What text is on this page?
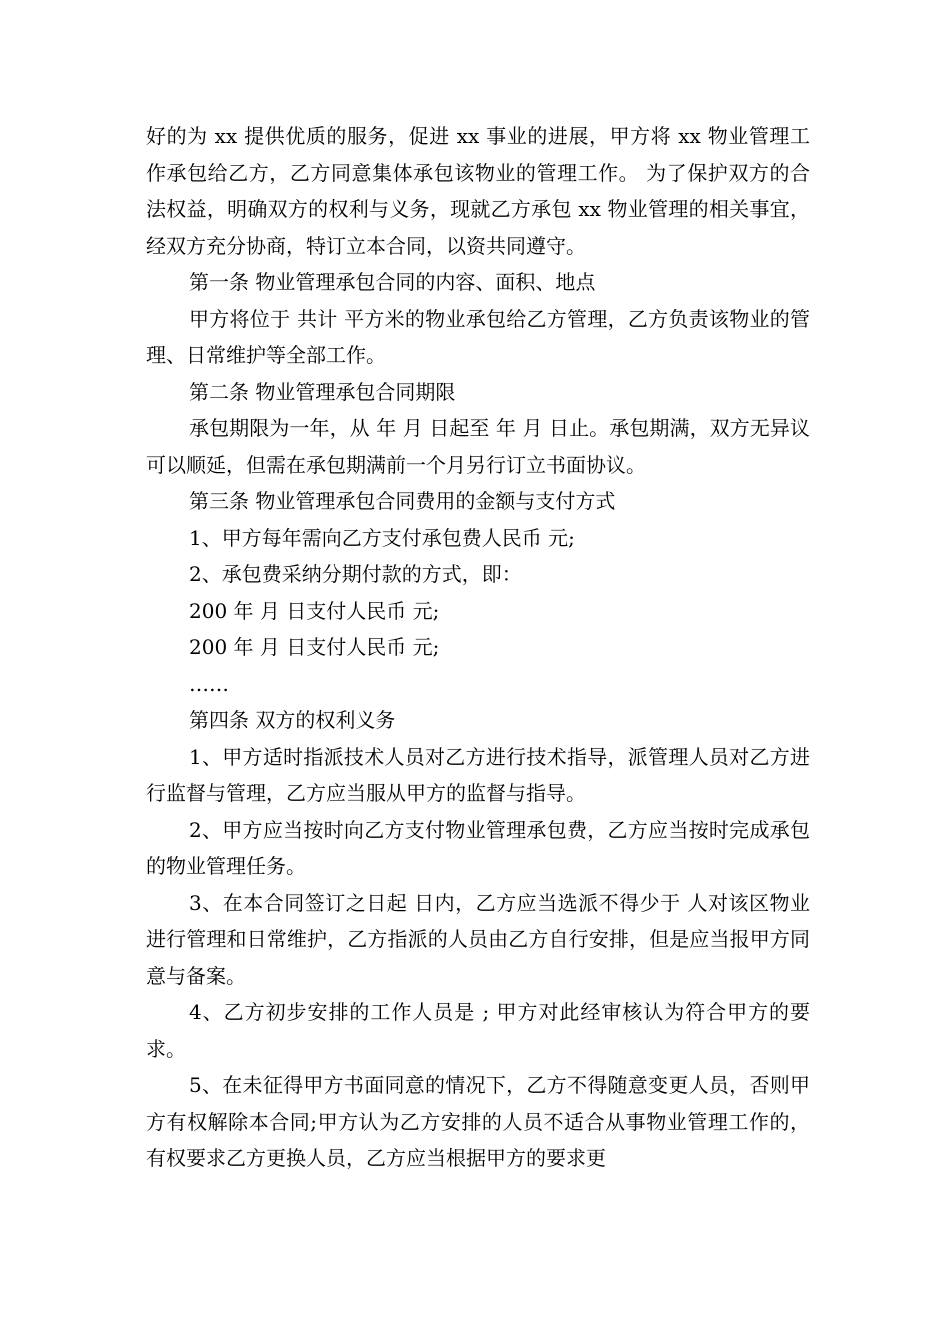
好的为 xx 提供优质的服务，促进 xx 事业的进展，甲方将 xx 物业管理工作承包给乙方，乙方同意集体承包该物业的管理工作。 为了保护双方的合法权益，明确双方的权利与义务，现就乙方承包 xx 物业管理的相关事宜，经双方充分协商，特订立本合同，以资共同遵守。

第一条 物业管理承包合同的内容、面积、地点

甲方将位于 共计 平方米的物业承包给乙方管理，乙方负责该物业的管理、日常维护等全部工作。

第二条 物业管理承包合同期限

承包期限为一年，从 年 月 日起至 年 月 日止。承包期满，双方无异议可以顺延，但需在承包期满前一个月另行订立书面协议。

第三条 物业管理承包合同费用的金额与支付方式

1、甲方每年需向乙方支付承包费人民币 元;

2、承包费采纳分期付款的方式，即：

200 年 月 日支付人民币 元;

200 年 月 日支付人民币 元;

……

第四条 双方的权利义务

1、甲方适时指派技术人员对乙方进行技术指导，派管理人员对乙方进行监督与管理，乙方应当服从甲方的监督与指导。

2、甲方应当按时向乙方支付物业管理承包费，乙方应当按时完成承包的物业管理任务。

3、在本合同签订之日起 日内，乙方应当选派不得少于 人对该区物业进行管理和日常维护，乙方指派的人员由乙方自行安排，但是应当报甲方同意与备案。

4、乙方初步安排的工作人员是 ; 甲方对此经审核认为符合甲方的要求。

5、在未征得甲方书面同意的情况下，乙方不得随意变更人员，否则甲方有权解除本合同;甲方认为乙方安排的人员不适合从事物业管理工作的，有权要求乙方更换人员，乙方应当根据甲方的要求更
